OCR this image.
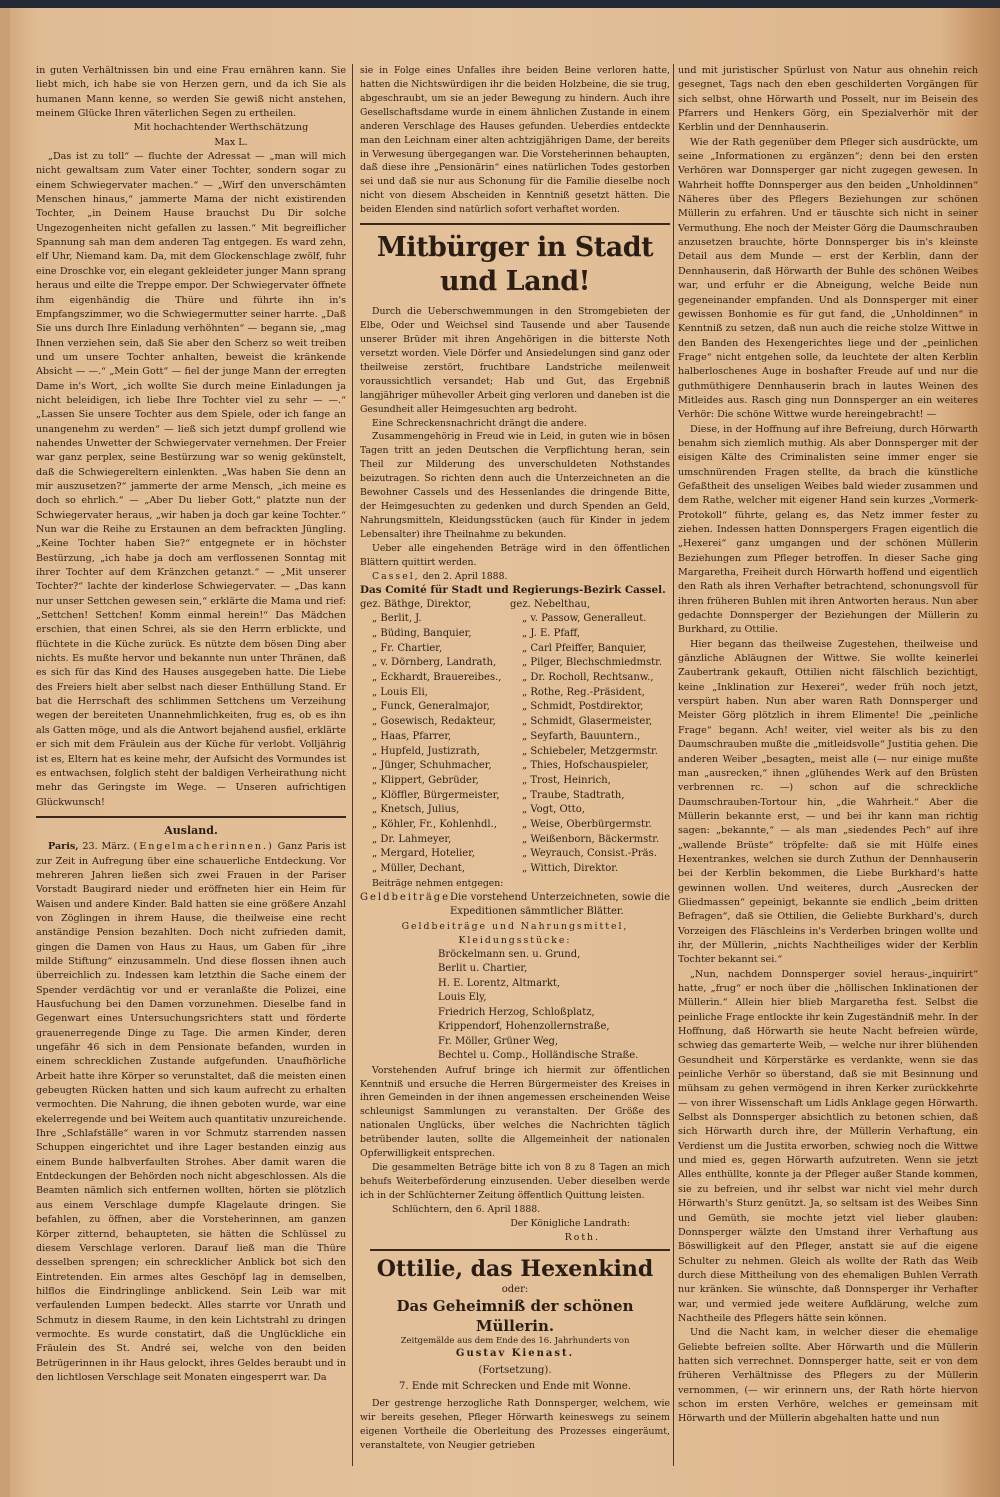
in guten Verhältnissen bin und eine Frau ernähren kann. Sie liebt mich, ich habe sie von Herzen gern, und da ich Sie als humanen Mann kenne, so werden Sie gewiß nicht anstehen, meinem Glücke Ihren väterlichen Segen zu ertheilen.

Mit hochachtender Werthschätzung

Max L.

„Das ist zu toll“ — fluchte der Adressat — „man will mich nicht gewaltsam zum Vater einer Tochter, sondern sogar zu einem Schwiegervater machen.“ — „Wirf den unverschämten Menschen hinaus,“ jammerte Mama der nicht existirenden Tochter, „in Deinem Hause brauchst Du Dir solche Ungezogenheiten nicht gefallen zu lassen.“ Mit begreiflicher Spannung sah man dem anderen Tag entgegen. Es ward zehn, elf Uhr, Niemand kam. Da, mit dem Glockenschlage zwölf, fuhr eine Droschke vor, ein elegant gekleideter junger Mann sprang heraus und eilte die Treppe empor. Der Schwiegervater öffnete ihm eigenhändig die Thüre und führte ihn in's Empfangszimmer, wo die Schwiegermutter seiner harrte. „Daß Sie uns durch Ihre Einladung verhöhnten“ — begann sie, „mag Ihnen verziehen sein, daß Sie aber den Scherz so weit treiben und um unsere Tochter anhalten, beweist die kränkende Absicht — —.“ „Mein Gott“ — fiel der junge Mann der erregten Dame in's Wort, „ich wollte Sie durch meine Einladungen ja nicht beleidigen, ich liebe Ihre Tochter viel zu sehr — —.“ „Lassen Sie unsere Tochter aus dem Spiele, oder ich fange an unangenehm zu werden“ — ließ sich jetzt dumpf grollend wie nahendes Unwetter der Schwiegervater vernehmen. Der Freier war ganz perplex, seine Bestürzung war so wenig gekünstelt, daß die Schwiegereltern einlenkten. „Was haben Sie denn an mir auszusetzen?“ jammerte der arme Mensch, „ich meine es doch so ehrlich.“ — „Aber Du lieber Gott,“ platzte nun der Schwiegervater heraus, „wir haben ja doch gar keine Tochter.“ Nun war die Reihe zu Erstaunen an dem befrackten Jüngling. „Keine Tochter haben Sie?“ entgegnete er in höchster Bestürzung, „ich habe ja doch am verflossenen Sonntag mit ihrer Tochter auf dem Kränzchen getanzt.“ — „Mit unserer Tochter?“ lachte der kinderlose Schwiegervater. — „Das kann nur unser Settchen gewesen sein,“ erklärte die Mama und rief: „Settchen! Settchen! Komm einmal herein!“ Das Mädchen erschien, that einen Schrei, als sie den Herrn erblickte, und flüchtete in die Küche zurück. Es nützte dem bösen Ding aber nichts. Es mußte hervor und bekannte nun unter Thränen, daß es sich für das Kind des Hauses ausgegeben hatte. Die Liebe des Freiers hielt aber selbst nach dieser Enthüllung Stand. Er bat die Herrschaft des schlimmen Settchens um Verzeihung wegen der bereiteten Unannehmlichkeiten, frug es, ob es ihn als Gatten möge, und als die Antwort bejahend ausfiel, erklärte er sich mit dem Fräulein aus der Küche für verlobt. Volljährig ist es, Eltern hat es keine mehr, der Aufsicht des Vormundes ist es entwachsen, folglich steht der baldigen Verheirathung nicht mehr das Geringste im Wege. — Unseren aufrichtigen Glückwunsch!

Ausland.

Paris, 23. März. (Engelmacherinnen.) Ganz Paris ist zur Zeit in Aufregung über eine schauerliche Entdeckung. Vor mehreren Jahren ließen sich zwei Frauen in der Pariser Vorstadt Baugirard nieder und eröffneten hier ein Heim für Waisen und andere Kinder. Bald hatten sie eine größere Anzahl von Zöglingen in ihrem Hause, die theilweise eine recht anständige Pension bezahlten. Doch nicht zufrieden damit, gingen die Damen von Haus zu Haus, um Gaben für „ihre milde Stiftung“ einzusammeln. Und diese flossen ihnen auch überreichlich zu. Indessen kam letzthin die Sache einem der Spender verdächtig vor und er veranlaßte die Polizei, eine Hausfuchung bei den Damen vorzunehmen. Dieselbe fand in Gegenwart eines Untersuchungsrichters statt und förderte grauenerregende Dinge zu Tage. Die armen Kinder, deren ungefähr 46 sich in dem Pensionate befanden, wurden in einem schrecklichen Zustande aufgefunden. Unaufhörliche Arbeit hatte ihre Körper so verunstaltet, daß die meisten einen gebeugten Rücken hatten und sich kaum aufrecht zu erhalten vermochten. Die Nahrung, die ihnen geboten wurde, war eine ekelerregende und bei Weitem auch quantitativ unzureichende. Ihre „Schlafställe“ waren in vor Schmutz starrenden nassen Schuppen eingerichtet und ihre Lager bestanden einzig aus einem Bunde halbverfaulten Strohes. Aber damit waren die Entdeckungen der Behörden noch nicht abgeschlossen. Als die Beamten nämlich sich entfernen wollten, hörten sie plötzlich aus einem Verschlage dumpfe Klagelaute dringen. Sie befahlen, zu öffnen, aber die Vorsteherinnen, am ganzen Körper zitternd, behaupteten, sie hätten die Schlüssel zu diesem Verschlage verloren. Darauf ließ man die Thüre desselben sprengen; ein schrecklicher Anblick bot sich den Eintretenden. Ein armes altes Geschöpf lag in demselben, hilflos die Eindringlinge anblickend. Sein Leib war mit verfaulenden Lumpen bedeckt. Alles starrte vor Unrath und Schmutz in diesem Raume, in den kein Lichtstrahl zu dringen vermochte. Es wurde constatirt, daß die Unglückliche ein Fräulein des St. André sei, welche von den beiden Betrügerinnen in ihr Haus gelockt, ihres Geldes beraubt und in den lichtlosen Verschlage seit Monaten eingesperrt war. Da

sie in Folge eines Unfalles ihre beiden Beine verloren hatte, hatten die Nichtswürdigen ihr die beiden Holzbeine, die sie trug, abgeschraubt, um sie an jeder Bewegung zu hindern. Auch ihre Gesellschaftsdame wurde in einem ähnlichen Zustande in einem anderen Verschlage des Hauses gefunden. Ueberdies entdeckte man den Leichnam einer alten achtzigjährigen Dame, der bereits in Verwesung übergegangen war. Die Vorsteherinnen behaupten, daß diese ihre „Pensionärin“ eines natürlichen Todes gestorben sei und daß sie nur aus Schonung für die Familie dieselbe noch nicht von diesem Abscheiden in Kenntniß gesetzt hätten. Die beiden Elenden sind natürlich sofort verhaftet worden.

Mitbürger in Stadt und Land!

Durch die Ueberschwemmungen in den Stromgebieten der Elbe, Oder und Weichsel sind Tausende und aber Tausende unserer Brüder mit ihren Angehörigen in die bitterste Noth versetzt worden. Viele Dörfer und Ansiedelungen sind ganz oder theilweise zerstört, fruchtbare Landstriche meilenweit voraussichtlich versandet; Hab und Gut, das Ergebniß langjähriger mühevoller Arbeit ging verloren und daneben ist die Gesundheit aller Heimgesuchten arg bedroht.

Eine Schreckensnachricht drängt die andere.

Zusammengehörig in Freud wie in Leid, in guten wie in bösen Tagen tritt an jeden Deutschen die Verpflichtung heran, sein Theil zur Milderung des unverschuldeten Nothstandes beizutragen. So richten denn auch die Unterzeichneten an die Bewohner Cassels und des Hessenlandes die dringende Bitte, der Heimgesuchten zu gedenken und durch Spenden an Geld, Nahrungsmitteln, Kleidungsstücken (auch für Kinder in jedem Lebensalter) ihre Theilnahme zu bekunden.

Ueber alle eingehenden Beträge wird in den öffentlichen Blättern quittirt werden.

Cassel, den 2. April 1888.

Das Comité für Stadt und Regierungs-Bezirk Cassel.
gez. Bäthge, Direktor,
„ Berlit, J.
„ Büding, Banquier,
„ Fr. Chartier,
„ v. Dörnberg, Landrath,
„ Eckhardt, Brauereibes.,
„ Louis Eli,
„ Funck, Generalmajor,
„ Gosewisch, Redakteur,
„ Haas, Pfarrer,
„ Hupfeld, Justizrath,
„ Jünger, Schuhmacher,
„ Klippert, Gebrüder,
„ Klöffler, Bürgermeister,
„ Knetsch, Julius,
„ Köhler, Fr., Kohlenhdl.,
„ Dr. Lahmeyer,
„ Mergard, Hotelier,
„ Müller, Dechant,
gez. Nebelthau,
„ v. Passow, Generalleut.
„ J. E. Pfaff,
„ Carl Pfeiffer, Banquier,
„ Pilger, Blechschmiedmstr.
„ Dr. Rocholl, Rechtsanw.,
„ Rothe, Reg.-Präsident,
„ Schmidt, Postdirektor,
„ Schmidt, Glasermeister,
„ Seyfarth, Bauuntern.,
„ Schiebeler, Metzgermstr.
„ Thies, Hofschauspieler,
„ Trost, Heinrich,
„ Traube, Stadtrath,
„ Vogt, Otto,
„ Weise, Oberbürgermstr.
„ Weißenborn, Bäckermstr.
„ Weyrauch, Consist.-Präs.
„ Wittich, Direktor.

Beiträge nehmen entgegen:

Geldbeiträge:
Die vorstehend Unterzeichneten, sowie die Expeditionen sämmtlicher Blätter.

Geldbeiträge und Nahrungsmittel,

Kleidungsstücke:

Bröckelmann sen. u. Grund,
Berlit u. Chartier,
H. E. Lorentz, Altmarkt,
Louis Ely,
Friedrich Herzog, Schloßplatz,
Krippendorf, Hohenzollernstraße,
Fr. Möller, Grüner Weg,
Bechtel u. Comp., Holländische Straße.

Vorstehenden Aufruf bringe ich hiermit zur öffentlichen Kenntniß und ersuche die Herren Bürgermeister des Kreises in ihren Gemeinden in der ihnen angemessen erscheinenden Weise schleunigst Sammlungen zu veranstalten. Der Größe des nationalen Unglücks, über welches die Nachrichten täglich betrübender lauten, sollte die Allgemeinheit der nationalen Opferwilligkeit entsprechen.

Die gesammelten Beträge bitte ich von 8 zu 8 Tagen an mich behufs Weiterbeförderung einzusenden. Ueber dieselben werde ich in der Schlüchterner Zeitung öffentlich Quittung leisten.

Schlüchtern, den 6. April 1888.

Der Königliche Landrath:

Roth.

Ottilie, das Hexenkind
oder:
Das Geheimniß der schönen Müllerin.
Zeitgemälde aus dem Ende des 16. Jahrhunderts von
Gustav Kienast.
(Fortsetzung).
7. Ende mit Schrecken und Ende mit Wonne.

Der gestrenge herzogliche Rath Donnsperger, welchem, wie wir bereits gesehen, Pfleger Hörwarth keineswegs zu seinem eigenen Vortheile die Oberleitung des Prozesses eingeräumt, veranstaltete, von Neugier getrieben

und mit juristischer Spürlust von Natur aus ohnehin reich gesegnet, Tags nach den eben geschilderten Vorgängen für sich selbst, ohne Hörwarth und Posselt, nur im Beisein des Pfarrers und Henkers Görg, ein Spezialverhör mit der Kerblin und der Dennhauserin.

Wie der Rath gegenüber dem Pfleger sich ausdrückte, um seine „Informationen zu ergänzen“; denn bei den ersten Verhören war Donnsperger gar nicht zugegen gewesen. In Wahrheit hoffte Donnsperger aus den beiden „Unholdinnen“ Näheres über des Pflegers Beziehungen zur schönen Müllerin zu erfahren. Und er täuschte sich nicht in seiner Vermuthung. Ehe noch der Meister Görg die Daumschrauben anzusetzen brauchte, hörte Donnsperger bis in's kleinste Detail aus dem Munde — erst der Kerblin, dann der Dennhauserin, daß Hörwarth der Buhle des schönen Weibes war, und erfuhr er die Abneigung, welche Beide nun gegeneinander empfanden. Und als Donnsperger mit einer gewissen Bonhomie es für gut fand, die „Unholdinnen“ in Kenntniß zu setzen, daß nun auch die reiche stolze Wittwe in den Banden des Hexengerichtes liege und der „peinlichen Frage“ nicht entgehen solle, da leuchtete der alten Kerblin halberloschenes Auge in boshafter Freude auf und nur die guthmüthigere Dennhauserin brach in lautes Weinen des Mitleides aus. Rasch ging nun Donnsperger an ein weiteres Verhör: Die schöne Wittwe wurde hereingebracht! —

Diese, in der Hoffnung auf ihre Befreiung, durch Hörwarth benahm sich ziemlich muthig. Als aber Donnsperger mit der eisigen Kälte des Criminalisten seine immer enger sie umschnürenden Fragen stellte, da brach die künstliche Gefaßtheit des unseligen Weibes bald wieder zusammen und dem Rathe, welcher mit eigener Hand sein kurzes „Vormerk-Protokoll“ führte, gelang es, das Netz immer fester zu ziehen. Indessen hatten Donnspergers Fragen eigentlich die „Hexerei“ ganz umgangen und der schönen Müllerin Beziehungen zum Pfleger betroffen. In dieser Sache ging Margaretha, Freiheit durch Hörwarth hoffend und eigentlich den Rath als ihren Verhafter betrachtend, schonungsvoll für ihren früheren Buhlen mit ihren Antworten heraus. Nun aber gedachte Donnsperger der Beziehungen der Müllerin zu Burkhard, zu Ottilie.

Hier begann das theilweise Zugestehen, theilweise und gänzliche Abläugnen der Wittwe. Sie wollte keinerlei Zaubertrank gekauft, Ottilien nicht fälschlich bezichtigt, keine „Inklination zur Hexerei“, weder früh noch jetzt, verspürt haben. Nun aber waren Rath Donnsperger und Meister Görg plötzlich in ihrem Elimente! Die „peinliche Frage“ begann. Ach! weiter, viel weiter als bis zu den Daumschrauben mußte die „mitleidsvolle“ Justitia gehen. Die anderen Weiber „besagten„ meist alle (— nur einige mußte man „ausrecken,“ ihnen „glühendes Werk auf den Brüsten verbrennen rc. —) schon auf die schreckliche Daumschrauben-Tortour hin, „die Wahrheit.“ Aber die Müllerin bekannte erst, — und bei ihr kann man richtig sagen: „bekannte,“ — als man „siedendes Pech“ auf ihre „wallende Brüste“ tröpfelte: daß sie mit Hülfe eines Hexentrankes, welchen sie durch Zuthun der Dennhauserin bei der Kerblin bekommen, die Liebe Burkhard's hatte gewinnen wollen. Und weiteres, durch „Ausrecken der Gliedmassen“ gepeinigt, bekannte sie endlich „beim dritten Befragen“, daß sie Ottilien, die Geliebte Burkhard's, durch Vorzeigen des Fläschleins in's Verderben bringen wollte und ihr, der Müllerin, „nichts Nachtheiliges wider der Kerblin Tochter bekannt sei.“

„Nun, nachdem Donnsperger soviel heraus-„inquirirt“ hatte, „frug“ er noch über die „höllischen Inklinationen der Müllerin.“ Allein hier blieb Margaretha fest. Selbst die peinliche Frage entlockte ihr kein Zugeständniß mehr. In der Hoffnung, daß Hörwarth sie heute Nacht befreien würde, schwieg das gemarterte Weib, — welche nur ihrer blühenden Gesundheit und Körperstärke es verdankte, wenn sie das peinliche Verhör so überstand, daß sie mit Besinnung und mühsam zu gehen vermögend in ihren Kerker zurückkehrte — von ihrer Wissenschaft um Lidls Anklage gegen Hörwarth. Selbst als Donnsperger absichtlich zu betonen schien, daß sich Hörwarth durch ihre, der Müllerin Verhaftung, ein Verdienst um die Justita erworben, schwieg noch die Wittwe und mied es, gegen Hörwarth aufzutreten. Wenn sie jetzt Alles enthüllte, konnte ja der Pfleger außer Stande kommen, sie zu befreien, und ihr selbst war nicht viel mehr durch Hörwarth's Sturz genützt. Ja, so seltsam ist des Weibes Sinn und Gemüth, sie mochte jetzt viel lieber glauben: Donnsperger wälzte den Umstand ihrer Verhaftung aus Böswilligkeit auf den Pfleger, anstatt sie auf die eigene Schulter zu nehmen. Gleich als wollte der Rath das Weib durch diese Mittheilung von des ehemaligen Buhlen Verrath nur kränken. Sie wünschte, daß Donnsperger ihr Verhafter war, und vermied jede weitere Aufklärung, welche zum Nachtheile des Pflegers hätte sein können.

Und die Nacht kam, in welcher dieser die ehemalige Geliebte befreien sollte. Aber Hörwarth und die Müllerin hatten sich verrechnet. Donnsperger hatte, seit er von dem früheren Verhältnisse des Pflegers zu der Müllerin vernommen, (— wir erinnern uns, der Rath hörte hiervon schon im ersten Verhöre, welches er gemeinsam mit Hörwarth und der Müllerin abgehalten hatte und nun
